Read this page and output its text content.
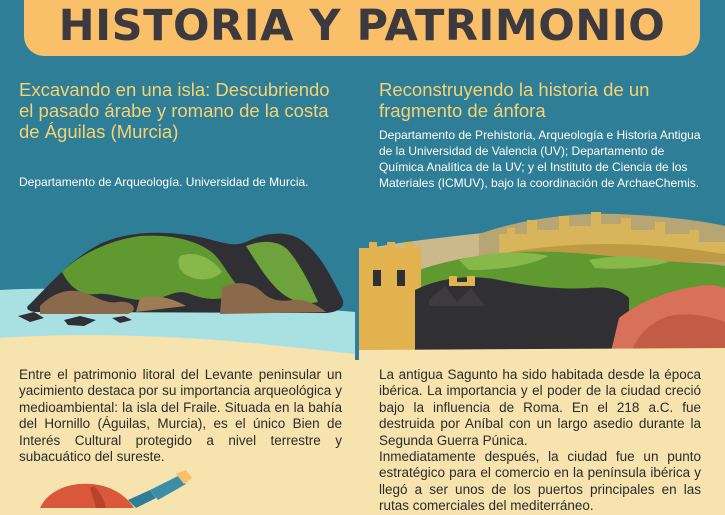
HISTORIA Y PATRIMONIO
Excavando en una isla: Descubriendo el pasado árabe y romano de la costa de Águilas (Murcia)

Departamento de Arqueología. Universidad de Murcia.

Entre el patrimonio litoral del Levante peninsular un yacimiento destaca por su importancia arqueológica y medioambiental: la isla del Fraile. Situada en la bahía del Hornillo (Águilas, Murcia), es el único Bien de Interés Cultural protegido a nivel terrestre y subacuático del sureste.
Reconstruyendo la historia de un fragmento de ánfora

Departamento de Prehistoria, Arqueología e Historia Antigua de la Universidad de Valencia (UV); Departamento de Química Analítica de la UV; y el Instituto de Ciencia de los Materiales (ICMUV), bajo la coordinación de ArchaeChemis.

La antigua Sagunto ha sido habitada desde la época ibérica. La importancia y el poder de la ciudad creció bajo la influencia de Roma. En el 218 a.C. fue destruida por Aníbal con un largo asedio durante la Segunda Guerra Púnica.

Inmediatamente después, la ciudad fue un punto estratégico para el comercio en la península ibérica y llegó a ser unos de los puertos principales en las rutas comerciales del mediterráneo.
